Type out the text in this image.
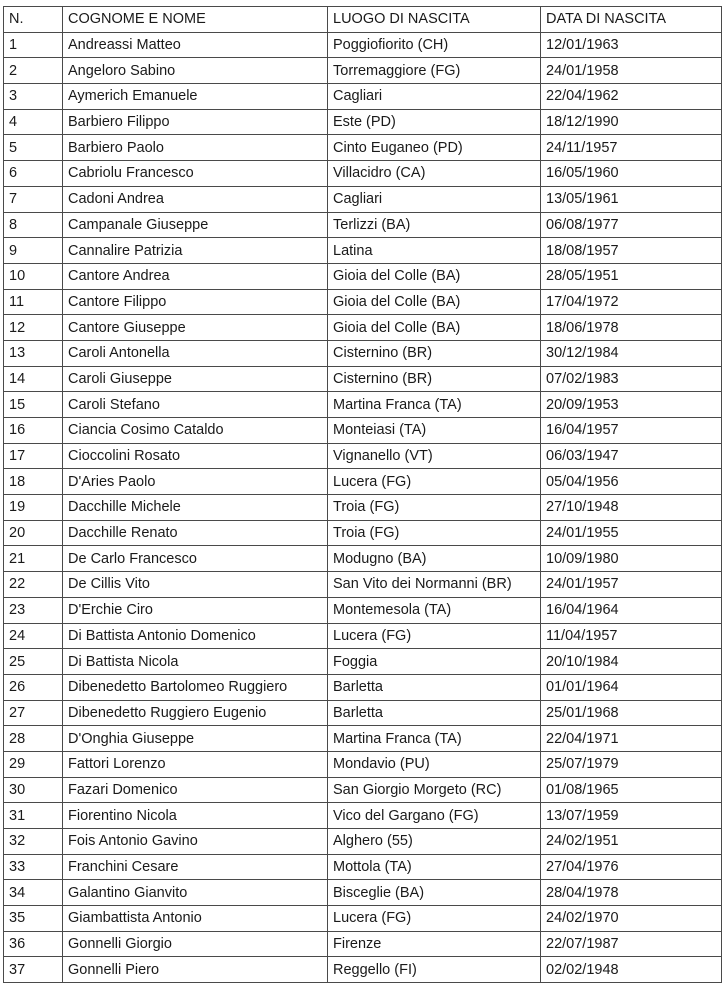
N.	COGNOME E NOME	LUOGO DI NASCITA	DATA DI NASCITA
1	Andreassi Matteo	Poggiofiorito (CH)	12/01/1963
2	Angeloro Sabino	Torremaggiore (FG)	24/01/1958
3	Aymerich Emanuele	Cagliari	22/04/1962
4	Barbiero Filippo	Este (PD)	18/12/1990
5	Barbiero Paolo	Cinto Euganeo (PD)	24/11/1957
6	Cabriolu Francesco	Villacidro (CA)	16/05/1960
7	Cadoni Andrea	Cagliari	13/05/1961
8	Campanale Giuseppe	Terlizzi (BA)	06/08/1977
9	Cannalire Patrizia	Latina	18/08/1957
10	Cantore Andrea	Gioia del Colle (BA)	28/05/1951
11	Cantore Filippo	Gioia del Colle (BA)	17/04/1972
12	Cantore Giuseppe	Gioia del Colle (BA)	18/06/1978
13	Caroli Antonella	Cisternino (BR)	30/12/1984
14	Caroli Giuseppe	Cisternino (BR)	07/02/1983
15	Caroli Stefano	Martina Franca (TA)	20/09/1953
16	Ciancia Cosimo Cataldo	Monteiasi (TA)	16/04/1957
17	Cioccolini Rosato	Vignanello (VT)	06/03/1947
18	D'Aries Paolo	Lucera (FG)	05/04/1956
19	Dacchille Michele	Troia (FG)	27/10/1948
20	Dacchille Renato	Troia (FG)	24/01/1955
21	De Carlo Francesco	Modugno (BA)	10/09/1980
22	De Cillis Vito	San Vito dei Normanni (BR)	24/01/1957
23	D'Erchie Ciro	Montemesola (TA)	16/04/1964
24	Di Battista Antonio Domenico	Lucera (FG)	11/04/1957
25	Di Battista Nicola	Foggia	20/10/1984
26	Dibenedetto Bartolomeo Ruggiero	Barletta	01/01/1964
27	Dibenedetto Ruggiero Eugenio	Barletta	25/01/1968
28	D'Onghia Giuseppe	Martina Franca (TA)	22/04/1971
29	Fattori Lorenzo	Mondavio (PU)	25/07/1979
30	Fazari Domenico	San Giorgio Morgeto (RC)	01/08/1965
31	Fiorentino Nicola	Vico del Gargano (FG)	13/07/1959
32	Fois Antonio Gavino	Alghero (55)	24/02/1951
33	Franchini Cesare	Mottola (TA)	27/04/1976
34	Galantino Gianvito	Bisceglie (BA)	28/04/1978
35	Giambattista Antonio	Lucera (FG)	24/02/1970
36	Gonnelli Giorgio	Firenze	22/07/1987
37	Gonnelli Piero	Reggello (FI)	02/02/1948
